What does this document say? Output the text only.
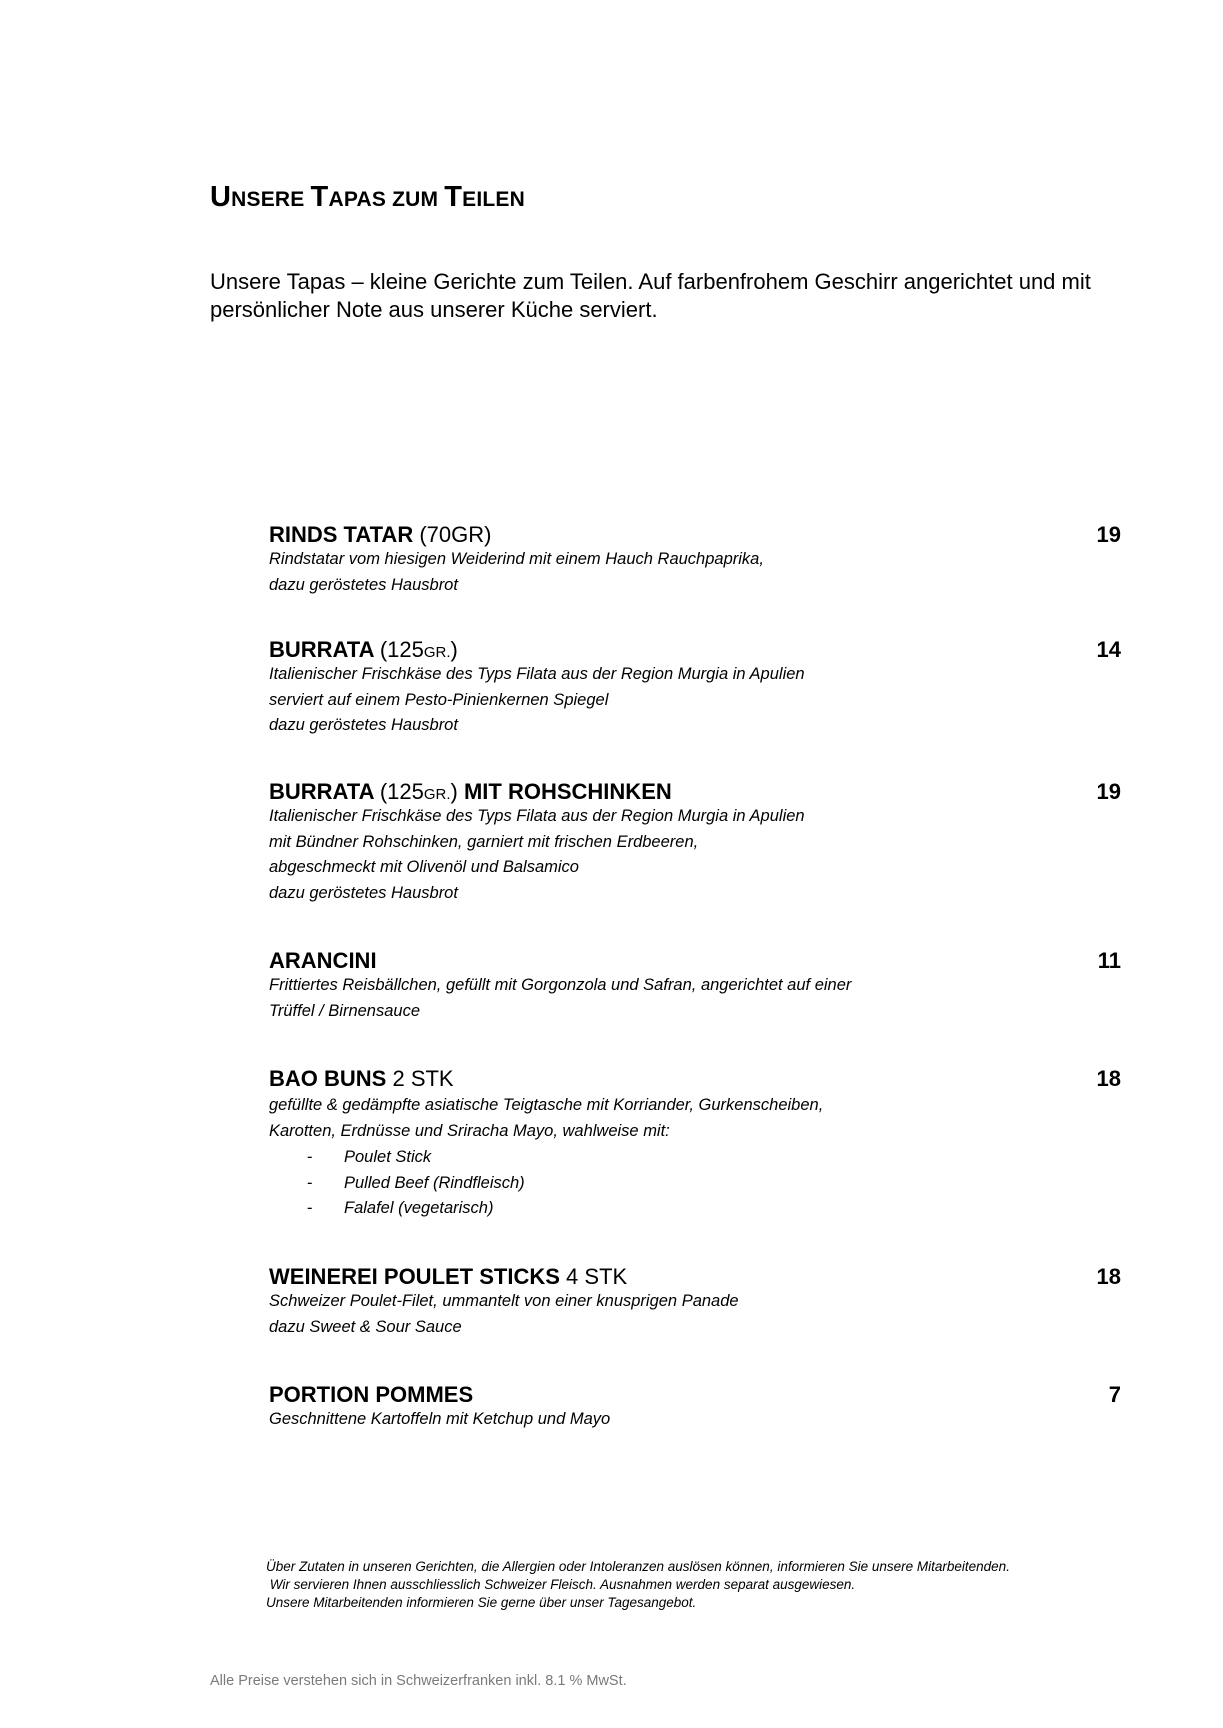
UNSERE TAPAS ZUM TEILEN

Unsere Tapas – kleine Gerichte zum Teilen. Auf farbenfrohem Geschirr angerichtet und mit
persönlicher Note aus unserer Küche serviert.

RINDS TATAR (70GR)	19
Rindstatar vom hiesigen Weiderind mit einem Hauch Rauchpaprika,
dazu geröstetes Hausbrot
BURRATA (125GR.)	14
Italienischer Frischkäse des Typs Filata aus der Region Murgia in Apulien
serviert auf einem Pesto-Pinienkernen Spiegel
dazu geröstetes Hausbrot
BURRATA (125GR.) MIT ROHSCHINKEN	19
Italienischer Frischkäse des Typs Filata aus der Region Murgia in Apulien
mit Bündner Rohschinken, garniert mit frischen Erdbeeren,
abgeschmeckt mit Olivenöl und Balsamico
dazu geröstetes Hausbrot
ARANCINI	11
Frittiertes Reisbällchen, gefüllt mit Gorgonzola und Safran, angerichtet auf einer
Trüffel / Birnensauce
BAO BUNS 2 STK	18
gefüllte & gedämpfte asiatische Teigtasche mit Korriander, Gurkenscheiben,
Karotten, Erdnüsse und Sriracha Mayo, wahlweise mit:
- Poulet Stick
- Pulled Beef (Rindfleisch)
- Falafel (vegetarisch)
WEINEREI POULET STICKS 4 STK	18
Schweizer Poulet-Filet, ummantelt von einer knusprigen Panade
dazu Sweet & Sour Sauce
PORTION POMMES	7
Geschnittene Kartoffeln mit Ketchup und Mayo
Über Zutaten in unseren Gerichten, die Allergien oder Intoleranzen auslösen können, informieren Sie unsere Mitarbeitenden.
Wir servieren Ihnen ausschliesslich Schweizer Fleisch. Ausnahmen werden separat ausgewiesen.
Unsere Mitarbeitenden informieren Sie gerne über unser Tagesangebot.
Alle Preise verstehen sich in Schweizerfranken inkl. 8.1 % MwSt.
